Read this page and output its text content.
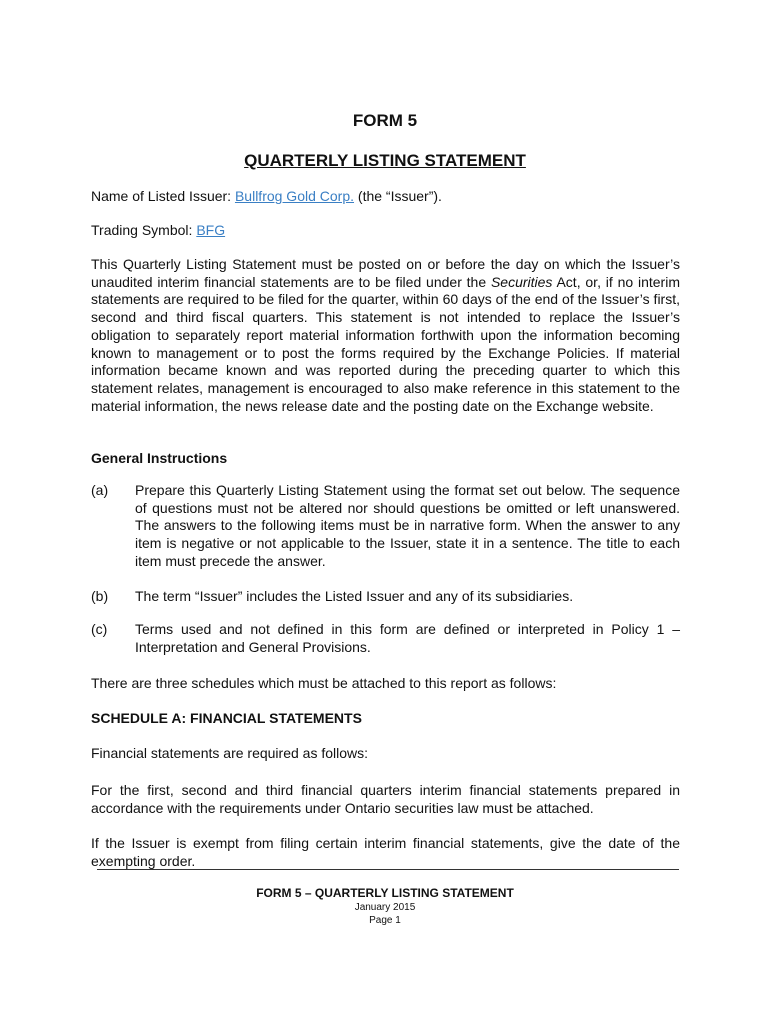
FORM 5

QUARTERLY LISTING STATEMENT

Name of Listed Issuer: Bullfrog Gold Corp. (the “Issuer”).

Trading Symbol: BFG

This Quarterly Listing Statement must be posted on or before the day on which the Issuer’s unaudited interim financial statements are to be filed under the Securities Act, or, if no interim statements are required to be filed for the quarter, within 60 days of the end of the Issuer’s first, second and third fiscal quarters. This statement is not intended to replace the Issuer’s obligation to separately report material information forthwith upon the information becoming known to management or to post the forms required by the Exchange Policies. If material information became known and was reported during the preceding quarter to which this statement relates, management is encouraged to also make reference in this statement to the material information, the news release date and the posting date on the Exchange website.

General Instructions

(a) Prepare this Quarterly Listing Statement using the format set out below. The sequence of questions must not be altered nor should questions be omitted or left unanswered. The answers to the following items must be in narrative form. When the answer to any item is negative or not applicable to the Issuer, state it in a sentence. The title to each item must precede the answer.
(b) The term “Issuer” includes the Listed Issuer and any of its subsidiaries.
(c) Terms used and not defined in this form are defined or interpreted in Policy 1 – Interpretation and General Provisions.

There are three schedules which must be attached to this report as follows:

SCHEDULE A: FINANCIAL STATEMENTS

Financial statements are required as follows:

For the first, second and third financial quarters interim financial statements prepared in accordance with the requirements under Ontario securities law must be attached.

If the Issuer is exempt from filing certain interim financial statements, give the date of the exempting order.

FORM 5 – QUARTERLY LISTING STATEMENT

January 2015

Page 1
